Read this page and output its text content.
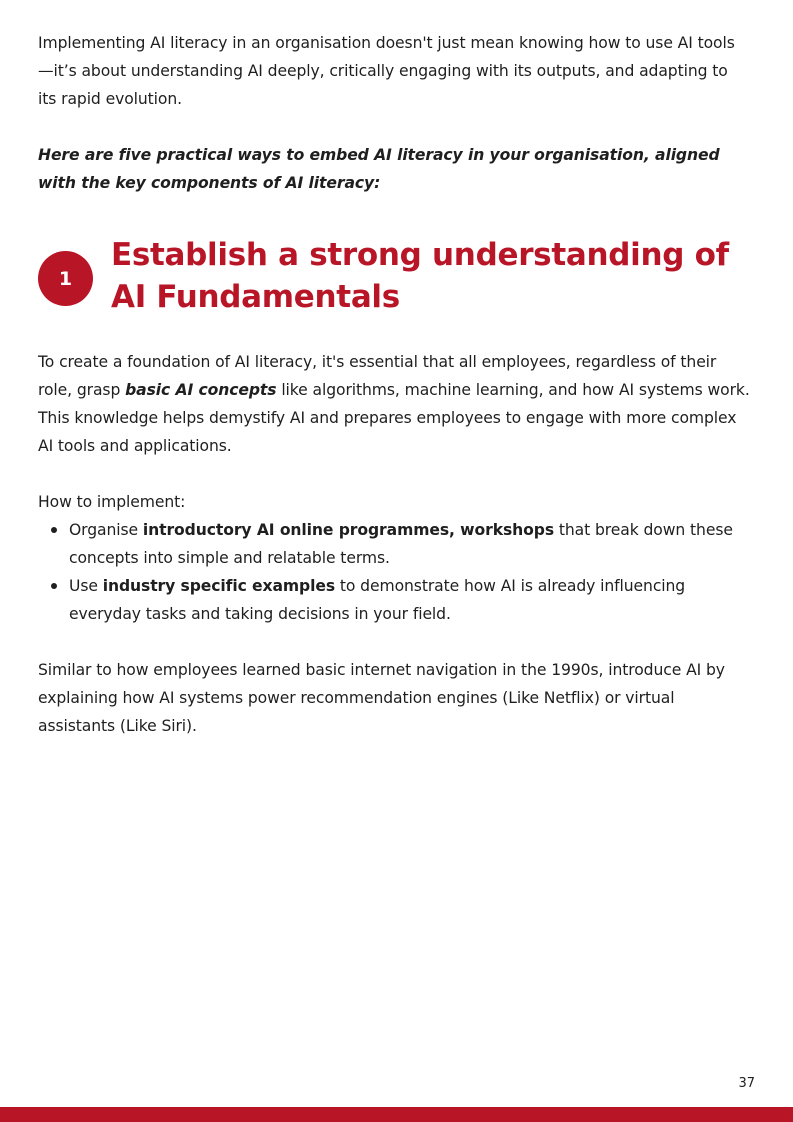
Implementing AI literacy in an organisation doesn't just mean knowing how to use AI tools—it’s about understanding AI deeply, critically engaging with its outputs, and adapting to its rapid evolution.

Here are five practical ways to embed AI literacy in your organisation, aligned with the key components of AI literacy:

1
Establish a strong understanding of AI Fundamentals

To create a foundation of AI literacy, it's essential that all employees, regardless of their role, grasp basic AI concepts like algorithms, machine learning, and how AI systems work. This knowledge helps demystify AI and prepares employees to engage with more complex AI tools and applications.

How to implement:

Organise introductory AI online programmes, workshops that break down these concepts into simple and relatable terms.
Use industry specific examples to demonstrate how AI is already influencing everyday tasks and taking decisions in your field.

Similar to how employees learned basic internet navigation in the 1990s, introduce AI by explaining how AI systems power recommendation engines (Like Netflix) or virtual assistants (Like Siri).

37
